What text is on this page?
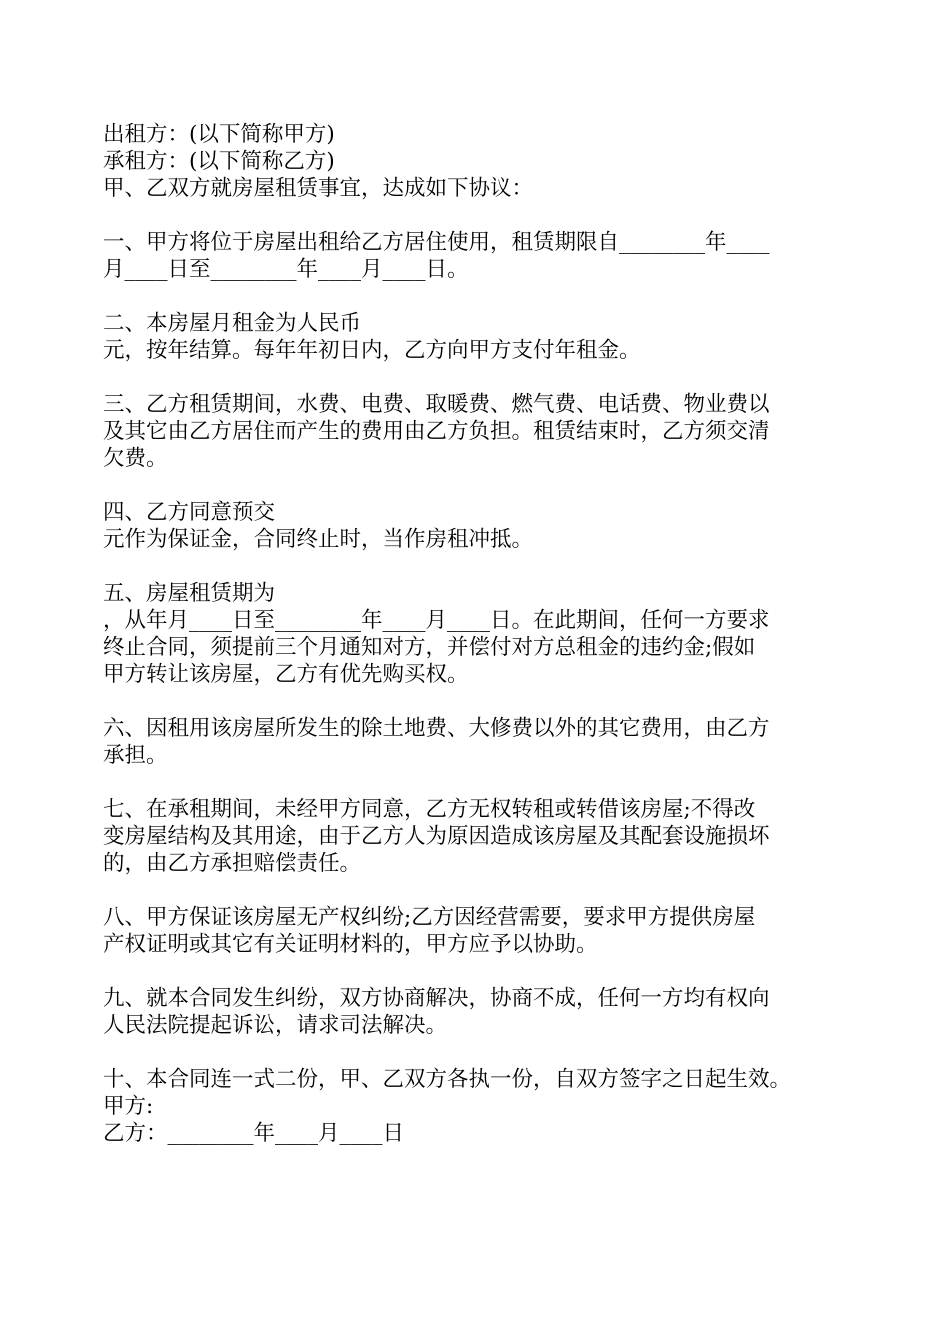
出租方：(以下简称甲方)
承租方：(以下简称乙方)
甲、乙双方就房屋租赁事宜，达成如下协议：
一、甲方将位于房屋出租给乙方居住使用，租赁期限自________年____
月____日至________年____月____日。
二、本房屋月租金为人民币
元，按年结算。每年年初日内，乙方向甲方支付年租金。
三、乙方租赁期间，水费、电费、取暖费、燃气费、电话费、物业费以
及其它由乙方居住而产生的费用由乙方负担。租赁结束时，乙方须交清
欠费。
四、乙方同意预交
元作为保证金，合同终止时，当作房租冲抵。
五、房屋租赁期为
，从年月____日至________年____月____日。在此期间，任何一方要求
终止合同，须提前三个月通知对方，并偿付对方总租金的违约金;假如
甲方转让该房屋，乙方有优先购买权。
六、因租用该房屋所发生的除土地费、大修费以外的其它费用，由乙方
承担。
七、在承租期间，未经甲方同意，乙方无权转租或转借该房屋;不得改
变房屋结构及其用途，由于乙方人为原因造成该房屋及其配套设施损坏
的，由乙方承担赔偿责任。
八、甲方保证该房屋无产权纠纷;乙方因经营需要，要求甲方提供房屋
产权证明或其它有关证明材料的，甲方应予以协助。
九、就本合同发生纠纷，双方协商解决，协商不成，任何一方均有权向
人民法院提起诉讼，请求司法解决。
十、本合同连一式二份，甲、乙双方各执一份，自双方签字之日起生效。
甲方:
乙方：________年____月____日
